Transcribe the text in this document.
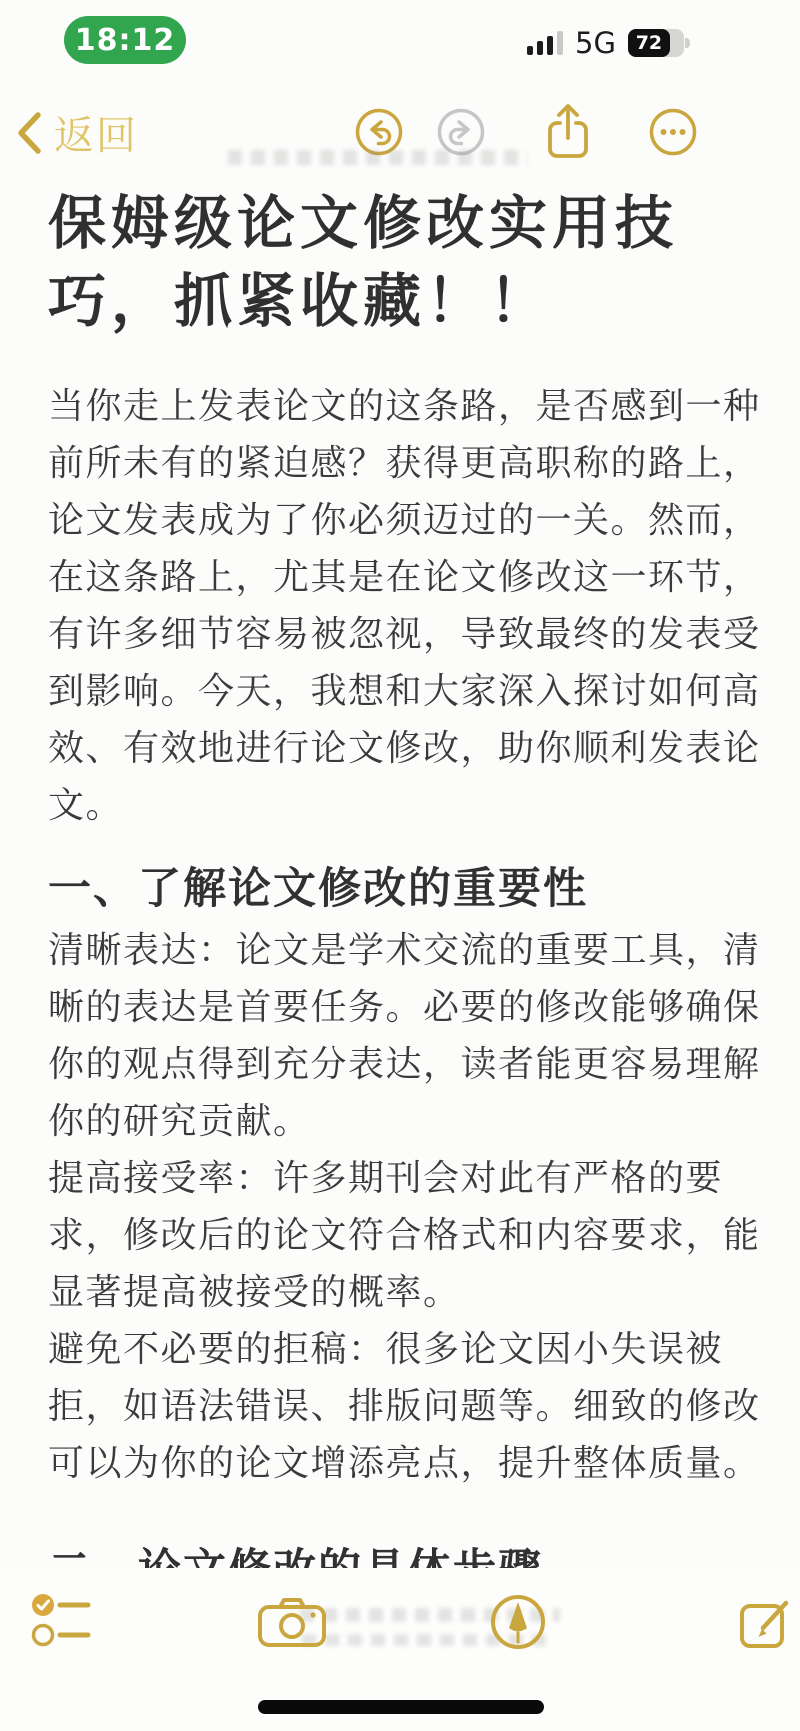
18:12	5G 72
返回
保姆级论文修改实用技巧，抓紧收藏！！

当你走上发表论文的这条路，是否感到一种前所未有的紧迫感？获得更高职称的路上，论文发表成为了你必须迈过的一关。然而，在这条路上，尤其是在论文修改这一环节，有许多细节容易被忽视，导致最终的发表受到影响。今天，我想和大家深入探讨如何高效、有效地进行论文修改，助你顺利发表论文。

一、了解论文修改的重要性

清晰表达：论文是学术交流的重要工具，清晰的表达是首要任务。必要的修改能够确保你的观点得到充分表达，读者能更容易理解你的研究贡献。

提高接受率：许多期刊会对此有严格的要求，修改后的论文符合格式和内容要求，能显著提高被接受的概率。

避免不必要的拒稿：很多论文因小失误被拒，如语法错误、排版问题等。细致的修改可以为你的论文增添亮点，提升整体质量。
